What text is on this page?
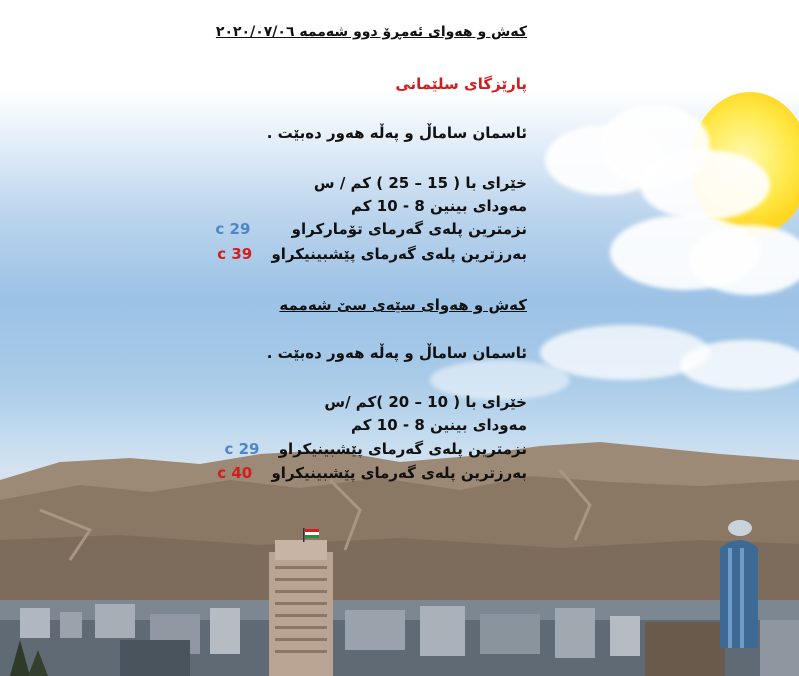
کەش و هەوای ئەمڕۆ دوو شەممە ٢٠٢٠/٠٧/٠٦
پارێزگای سلێمانی
ئاسمان ساماڵ و پەڵە هەور دەبێت .
خێرای با ( 15 – 25 ) کم / س
مەودای بینین 8 - 10 کم
نزمترین پلەی گەرمای تۆمارکراو 29 c
بەرزترین پلەی گەرمای پێشبینیکراو 39 c
کەش و هەوای سێەی سێ شەممە
ئاسمان ساماڵ و پەڵە هەور دەبێت .
خێرای با ( 10 – 20 )کم /س
مەودای بینین 8 - 10 کم
نزمترین پلەی گەرمای پێشبینیکراو 29 c
بەرزترین پلەی گەرمای پێشبینیکراو 40 c
